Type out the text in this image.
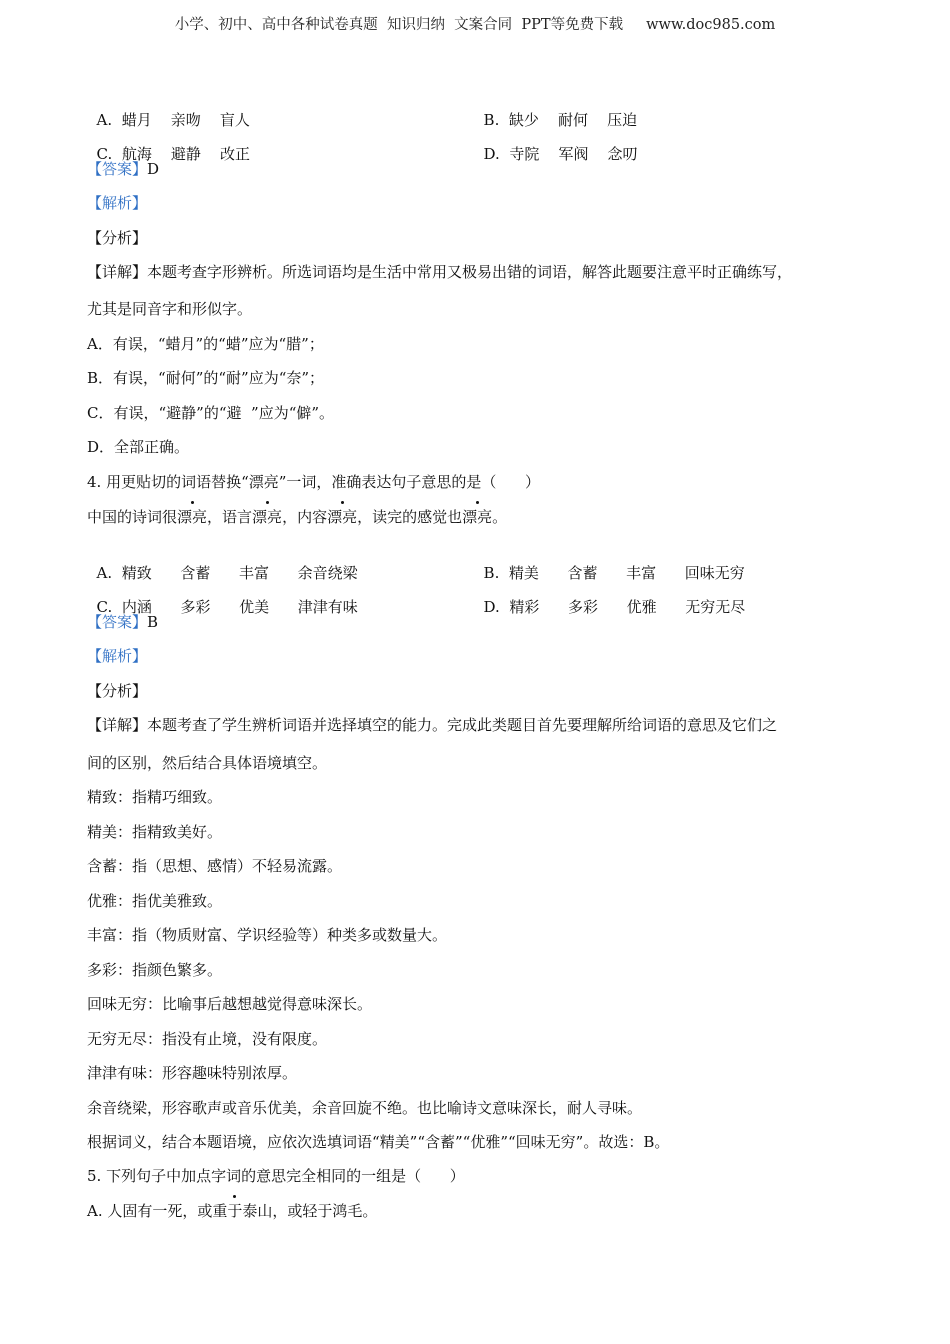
小学、初中、高中各种试卷真题  知识归纳  文案合同  PPT等免费下载     www.doc985.com

A. 蜡月 亲吻 盲人	B. 缺少 耐何 压迫

C. 航海 避静 改正	D. 寺院 军阀 念叨

【答案】D
【解析】
【分析】
【详解】本题考查字形辨析。所选词语均是生活中常用又极易出错的词语，解答此题要注意平时正确练写，
尤其是同音字和形似字。
A．有误，“蜡月”的“蜡”应为“腊”；
B．有误，“耐何”的“耐”应为“奈”；
C．有误，“避静”的“避  ”应为“僻”。
D．全部正确。
4. 用更贴切的词语替换“漂亮”一词，准确表达句子意思的是（      ）
中国的诗词很漂亮，语言漂亮，内容漂亮，读完的感觉也漂亮。

A. 精致 含蓄 丰富 余音绕梁	B. 精美 含蓄 丰富 回味无穷

C. 内涵 多彩 优美 津津有味	D. 精彩 多彩 优雅 无穷无尽

【答案】B
【解析】
【分析】
【详解】本题考查了学生辨析词语并选择填空的能力。完成此类题目首先要理解所给词语的意思及它们之
间的区别，然后结合具体语境填空。
精致：指精巧细致。
精美：指精致美好。
含蓄：指（思想、感情）不轻易流露。
优雅：指优美雅致。
丰富：指（物质财富、学识经验等）种类多或数量大。
多彩：指颜色繁多。
回味无穷：比喻事后越想越觉得意味深长。
无穷无尽：指没有止境，没有限度。
津津有味：形容趣味特别浓厚。
余音绕梁，形容歌声或音乐优美，余音回旋不绝。也比喻诗文意味深长，耐人寻味。
根据词义，结合本题语境，应依次选填词语“精美”“含蓄”“优雅”“回味无穷”。故选：B。
5. 下列句子中加点字词的意思完全相同的一组是（      ）
A. 人固有一死，或重于泰山，或轻于鸿毛。
